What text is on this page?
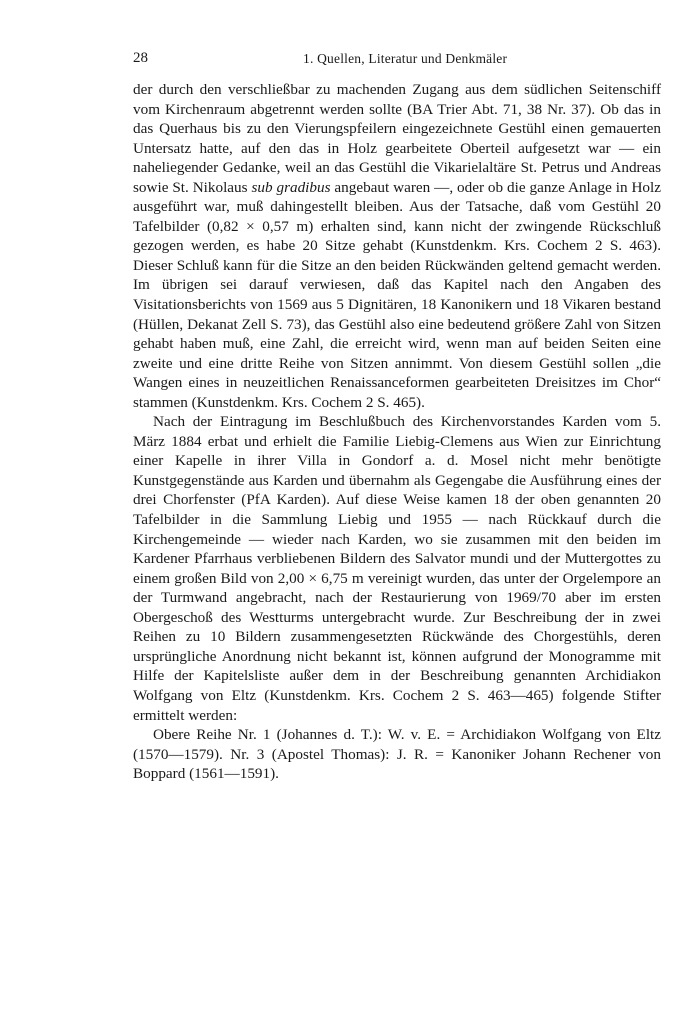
28	1. Quellen, Literatur und Denkmäler

der durch den verschließbar zu machenden Zugang aus dem südlichen Seitenschiff vom Kirchenraum abgetrennt werden sollte (BA Trier Abt. 71, 38 Nr. 37). Ob das in das Querhaus bis zu den Vierungspfeilern eingezeichnete Gestühl einen gemauerten Untersatz hatte, auf den das in Holz gearbeitete Oberteil aufgesetzt war — ein naheliegender Gedanke, weil an das Gestühl die Vikarielaltäre St. Petrus und Andreas sowie St. Nikolaus sub gradibus angebaut waren —, oder ob die ganze Anlage in Holz ausgeführt war, muß dahingestellt bleiben. Aus der Tatsache, daß vom Gestühl 20 Tafelbilder (0,82 × 0,57 m) erhalten sind, kann nicht der zwingende Rückschluß gezogen werden, es habe 20 Sitze gehabt (Kunstdenkm. Krs. Cochem 2 S. 463). Dieser Schluß kann für die Sitze an den beiden Rückwänden geltend gemacht werden. Im übrigen sei darauf verwiesen, daß das Kapitel nach den Angaben des Visitationsberichts von 1569 aus 5 Dignitären, 18 Kanonikern und 18 Vikaren bestand (Hüllen, Dekanat Zell S. 73), das Gestühl also eine bedeutend größere Zahl von Sitzen gehabt haben muß, eine Zahl, die erreicht wird, wenn man auf beiden Seiten eine zweite und eine dritte Reihe von Sitzen annimmt. Von diesem Gestühl sollen „die Wangen eines in neuzeitlichen Renaissanceformen gearbeiteten Dreisitzes im Chor“ stammen (Kunstdenkm. Krs. Cochem 2 S. 465).

Nach der Eintragung im Beschlußbuch des Kirchenvorstandes Karden vom 5. März 1884 erbat und erhielt die Familie Liebig-Clemens aus Wien zur Einrichtung einer Kapelle in ihrer Villa in Gondorf a. d. Mosel nicht mehr benötigte Kunstgegenstände aus Karden und übernahm als Gegengabe die Ausführung eines der drei Chorfenster (PfA Karden). Auf diese Weise kamen 18 der oben genannten 20 Tafelbilder in die Sammlung Liebig und 1955 — nach Rückkauf durch die Kirchengemeinde — wieder nach Karden, wo sie zusammen mit den beiden im Kardener Pfarrhaus verbliebenen Bildern des Salvator mundi und der Muttergottes zu einem großen Bild von 2,00 × 6,75 m vereinigt wurden, das unter der Orgelempore an der Turmwand angebracht, nach der Restaurierung von 1969/70 aber im ersten Obergeschoß des Westturms untergebracht wurde. Zur Beschreibung der in zwei Reihen zu 10 Bildern zusammengesetzten Rückwände des Chorgestühls, deren ursprüngliche Anordnung nicht bekannt ist, können aufgrund der Monogramme mit Hilfe der Kapitelsliste außer dem in der Beschreibung genannten Archidiakon Wolfgang von Eltz (Kunstdenkm. Krs. Cochem 2 S. 463—465) folgende Stifter ermittelt werden:

Obere Reihe Nr. 1 (Johannes d. T.): W. v. E. = Archidiakon Wolfgang von Eltz (1570—1579). Nr. 3 (Apostel Thomas): J. R. = Kanoniker Johann Rechener von Boppard (1561—1591).
